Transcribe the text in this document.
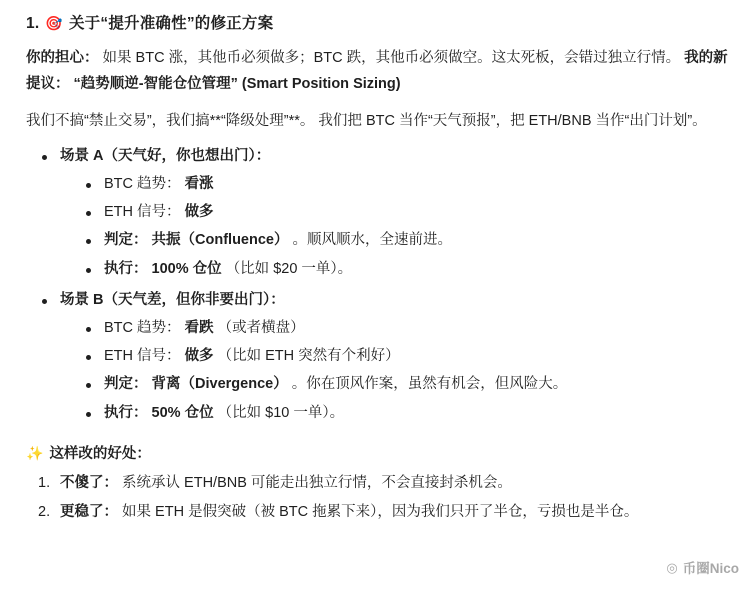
1. 🎯 关于“提升准确性”的修正方案
你的担心： 如果 BTC 涨，其他币必须做多；BTC 跌，其他币必须做空。这太死板，会错过独立行情。 我的新提议： “趋势顺逆-智能仓位管理” (Smart Position Sizing)
我们不搞“禁止交易”，我们搞**“降级处理”**。 我们把 BTC 当作“天气预报”，把 ETH/BNB 当作“出门计划”。
场景 A（天气好，你也想出门）：
BTC 趋势： 看涨
ETH 信号： 做多
判定： 共振（Confluence） 。顺风顺水，全速前进。
执行： 100% 仓位 （比如 $20 一单）。
场景 B（天气差，但你非要出门）：
BTC 趋势： 看跌 （或者横盘）
ETH 信号： 做多 （比如 ETH 突然有个利好）
判定： 背离（Divergence） 。你在顶风作案，虽然有机会，但风险大。
执行： 50% 仓位 （比如 $10 一单）。
✨ 这样改的好处：
不傻了： 系统承认 ETH/BNB 可能走出独立行情，不会直接封杀机会。
更稳了： 如果 ETH 是假突破（被 BTC 拖累下来），因为我们只开了半仓，亏损也是半仓。
◎ 币圈Nico
